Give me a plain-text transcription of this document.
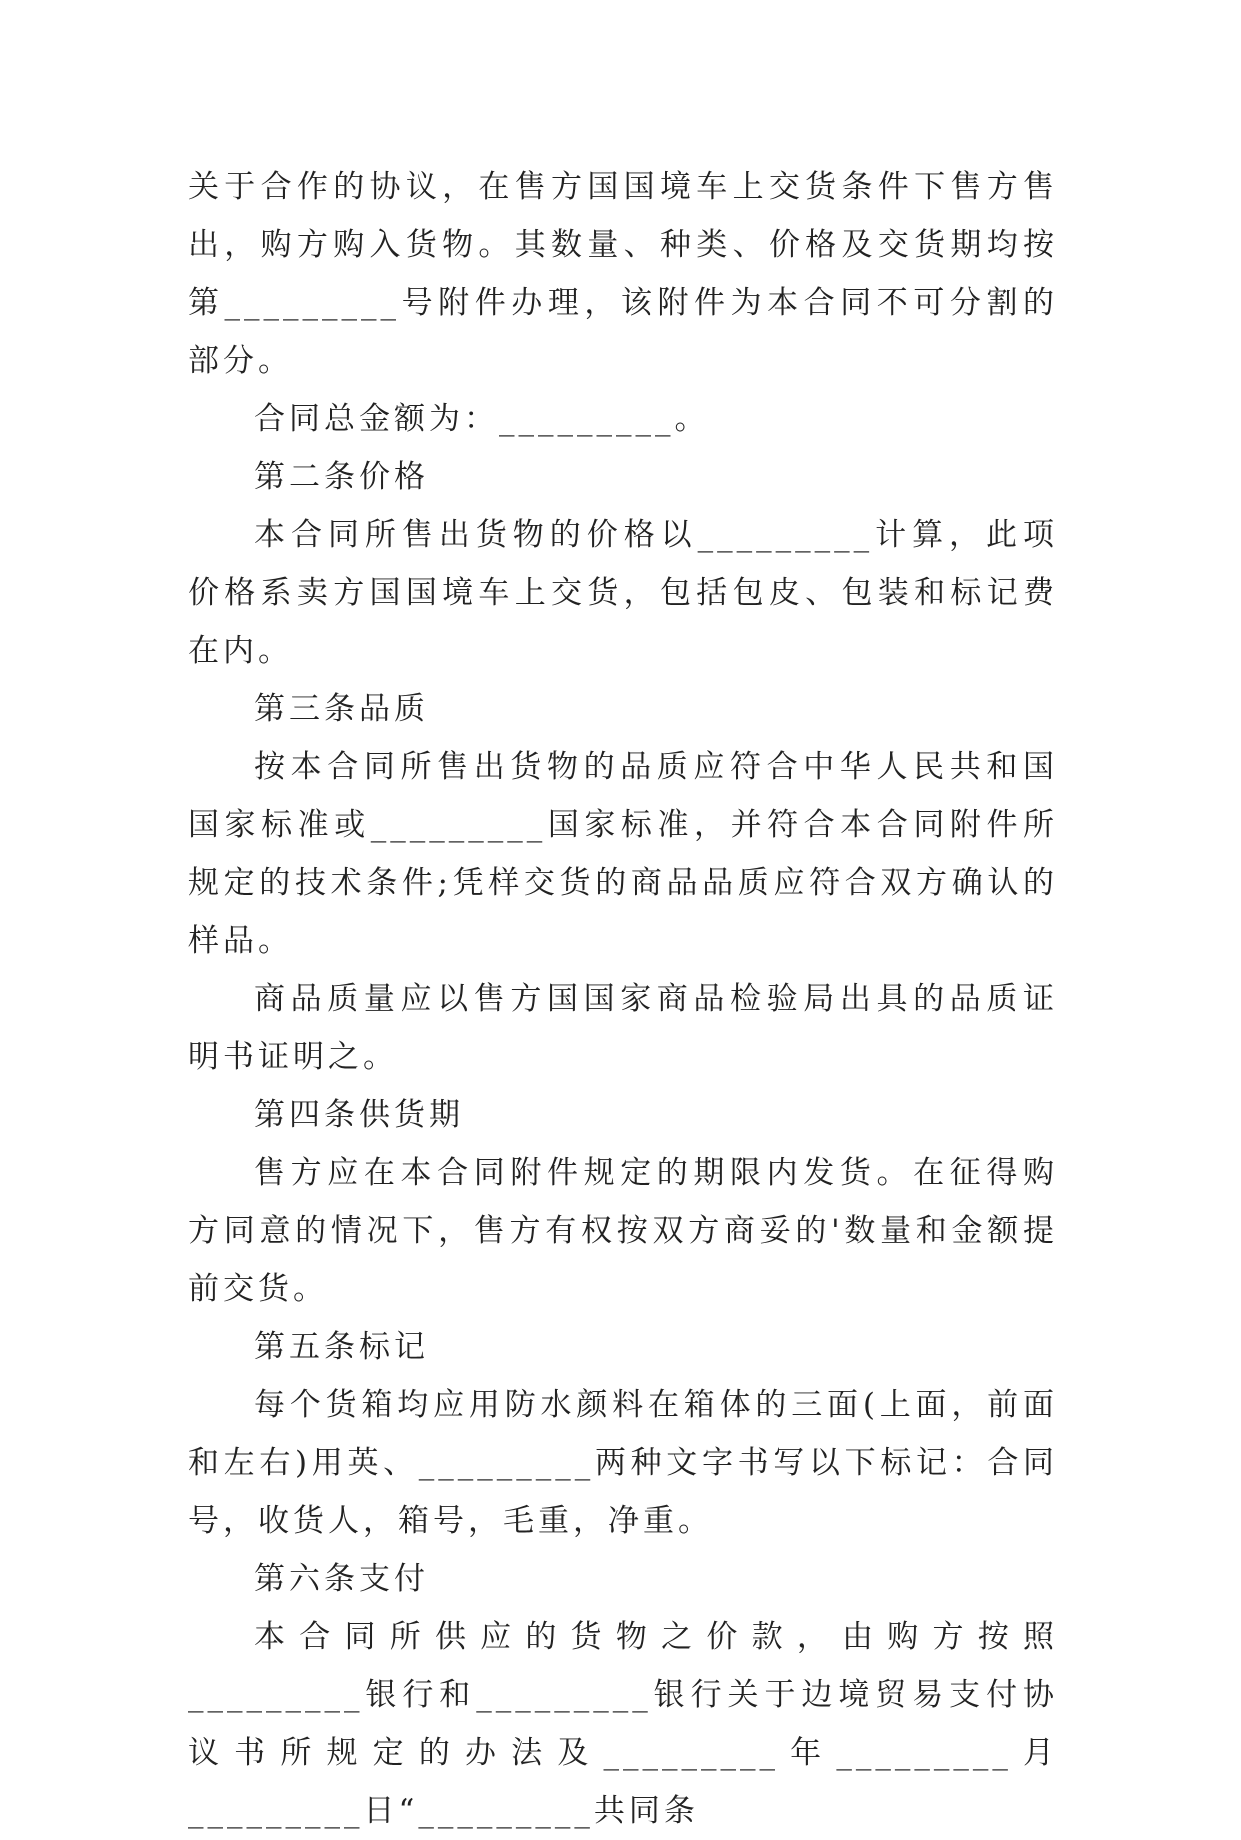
关于合作的协议，在售方国国境车上交货条件下售方售出，购方购入货物。其数量、种类、价格及交货期均按第_________号附件办理，该附件为本合同不可分割的部分。

合同总金额为：_________。

第二条价格

本合同所售出货物的价格以_________计算，此项价格系卖方国国境车上交货，包括包皮、包装和标记费在内。

第三条品质

按本合同所售出货物的品质应符合中华人民共和国国家标准或_________国家标准，并符合本合同附件所规定的技术条件;凭样交货的商品品质应符合双方确认的样品。

商品质量应以售方国国家商品检验局出具的品质证明书证明之。

第四条供货期

售方应在本合同附件规定的期限内发货。在征得购方同意的情况下，售方有权按双方商妥的'数量和金额提前交货。

第五条标记

每个货箱均应用防水颜料在箱体的三面(上面，前面和左右)用英、_________两种文字书写以下标记：合同号，收货人，箱号，毛重，净重。

第六条支付

本合同所供应的货物之价款，由购方按照_________银行和_________银行关于边境贸易支付协议书所规定的办法及_________年_________月_________日“_________共同条
